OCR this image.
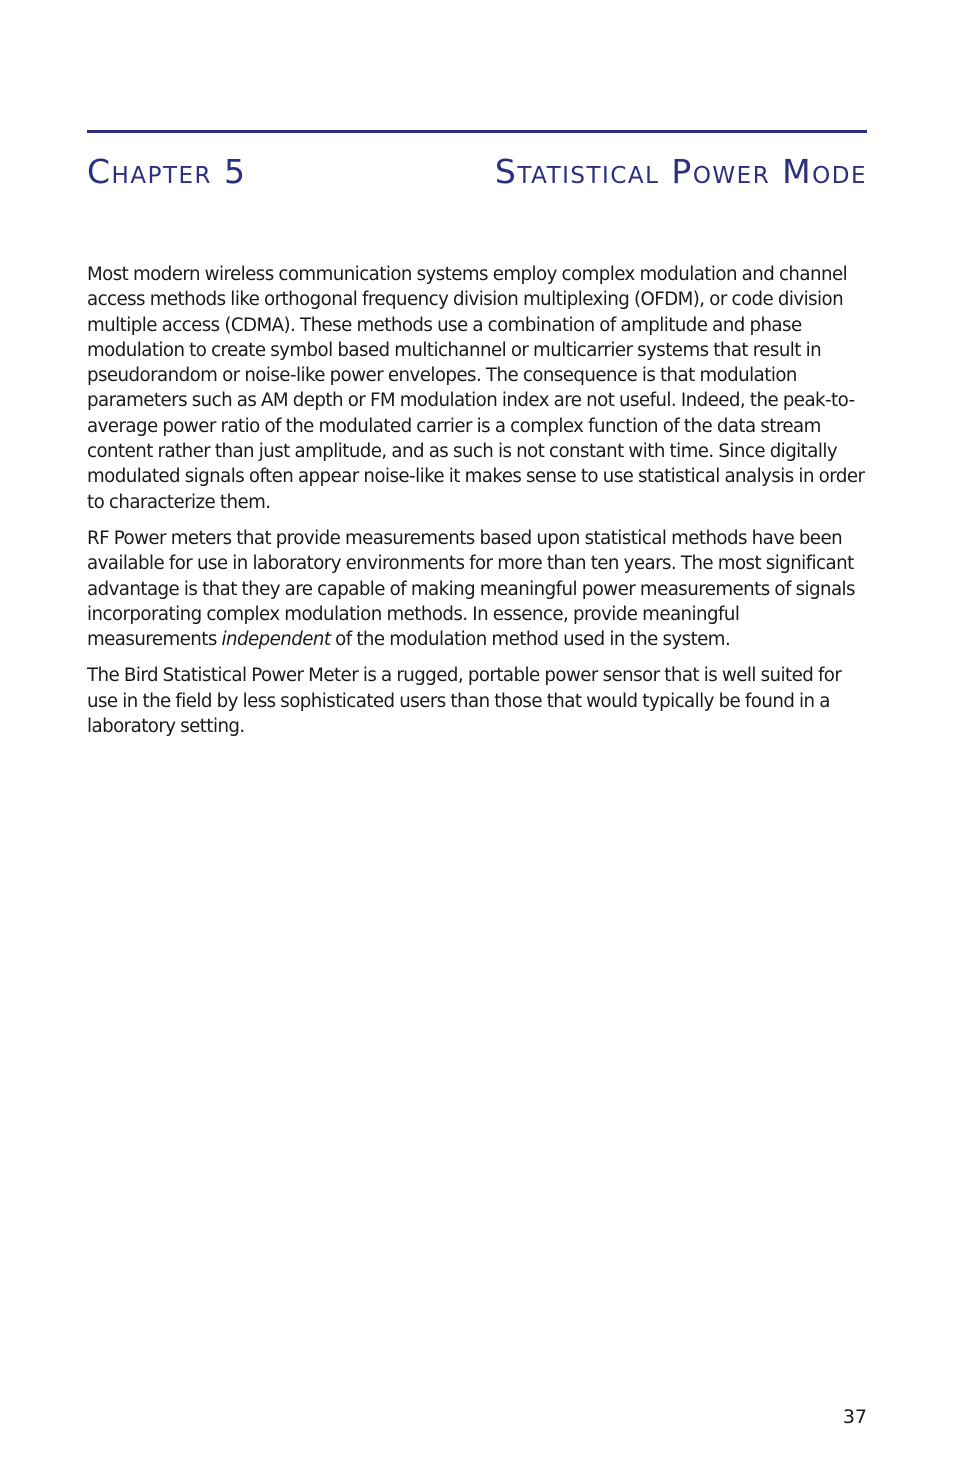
Chapter 5	Statistical Power Mode

Most modern wireless communication systems employ complex modulation and channel access methods like orthogonal frequency division multiplexing (OFDM), or code division multiple access (CDMA). These methods use a combination of amplitude and phase modulation to create symbol based multichannel or multicarrier systems that result in pseudorandom or noise-like power envelopes. The consequence is that modulation parameters such as AM depth or FM modulation index are not useful. Indeed, the peak-to-average power ratio of the modulated carrier is a complex function of the data stream content rather than just amplitude, and as such is not constant with time. Since digitally modulated signals often appear noise-like it makes sense to use statistical analysis in order to characterize them.

RF Power meters that provide measurements based upon statistical methods have been available for use in laboratory environments for more than ten years. The most significant advantage is that they are capable of making meaningful power measurements of signals incorporating complex modulation methods. In essence, provide meaningful measurements independent of the modulation method used in the system.

The Bird Statistical Power Meter is a rugged, portable power sensor that is well suited for use in the field by less sophisticated users than those that would typically be found in a laboratory setting.

37
